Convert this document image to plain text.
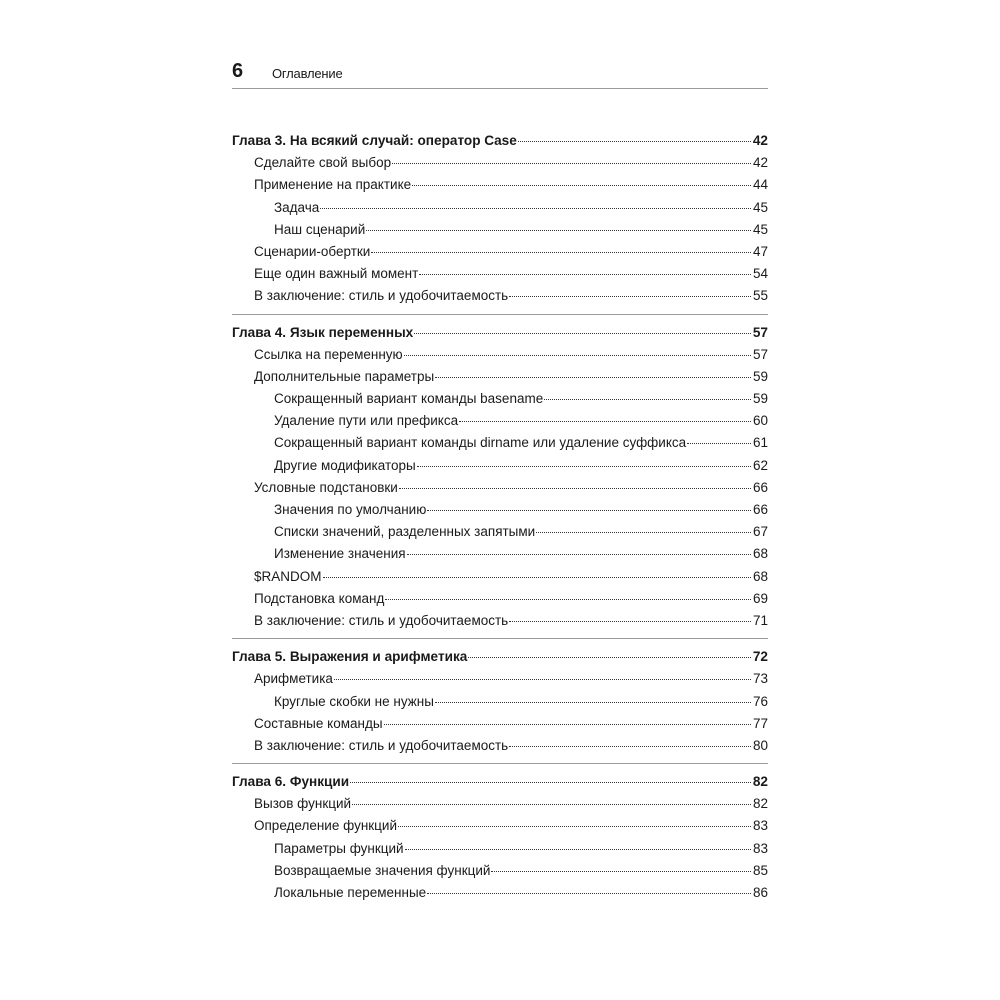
6 Оглавление
Глава 3. На всякий случай: оператор Case	42
Сделайте свой выбор	42
Применение на практике	44
Задача	45
Наш сценарий	45
Сценарии-обертки	47
Еще один важный момент	54
В заключение: стиль и удобочитаемость	55
Глава 4. Язык переменных	57
Ссылка на переменную	57
Дополнительные параметры	59
Сокращенный вариант команды basename	59
Удаление пути или префикса	60
Сокращенный вариант команды dirname или удаление суффикса	61
Другие модификаторы	62
Условные подстановки	66
Значения по умолчанию	66
Списки значений, разделенных запятыми	67
Изменение значения	68
$RANDOM	68
Подстановка команд	69
В заключение: стиль и удобочитаемость	71
Глава 5. Выражения и арифметика	72
Арифметика	73
Круглые скобки не нужны	76
Составные команды	77
В заключение: стиль и удобочитаемость	80
Глава 6. Функции	82
Вызов функций	82
Определение функций	83
Параметры функций	83
Возвращаемые значения функций	85
Локальные переменные	86
